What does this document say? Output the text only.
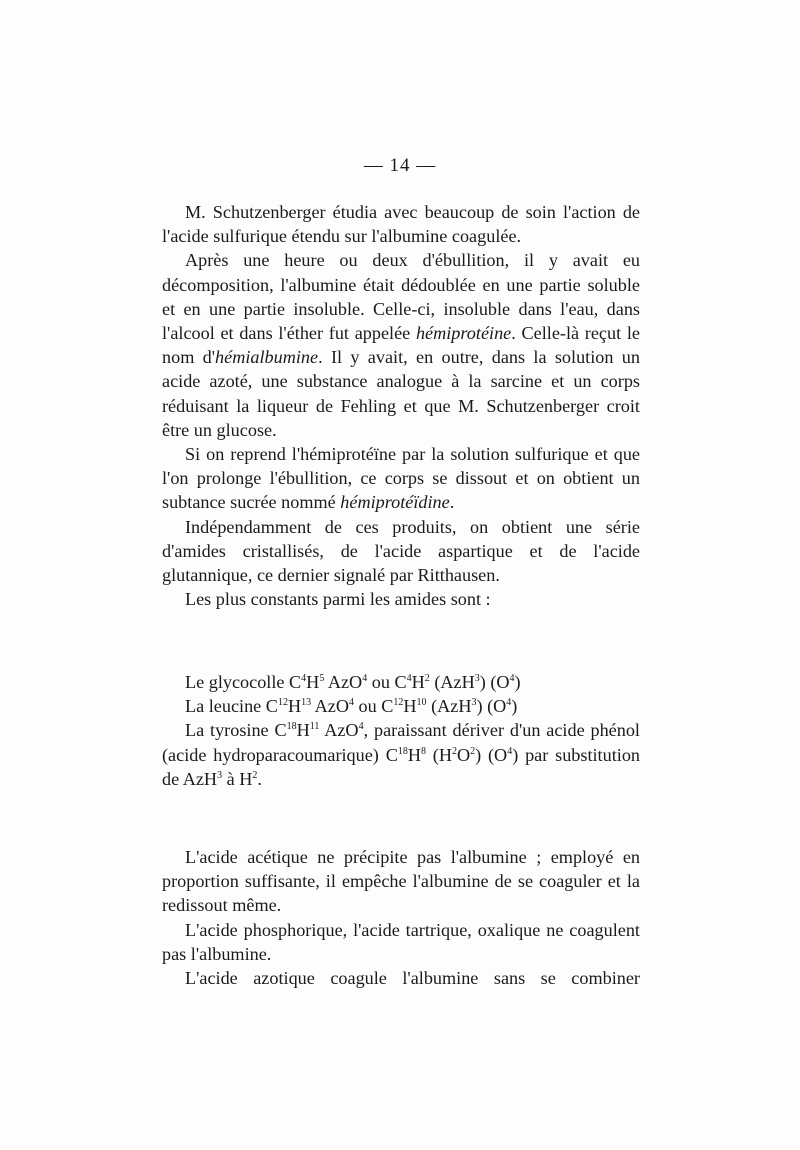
— 14 —

M. Schutzenberger étudia avec beaucoup de soin l'action de l'acide sulfurique étendu sur l'albumine coagulée.

Après une heure ou deux d'ébullition, il y avait eu décomposition, l'albumine était dédoublée en une partie soluble et en une partie insoluble. Celle-ci, insoluble dans l'eau, dans l'alcool et dans l'éther fut appelée hémiprotéine. Celle-là reçut le nom d'hémialbumine. Il y avait, en outre, dans la solution un acide azoté, une substance analogue à la sarcine et un corps réduisant la liqueur de Fehling et que M. Schutzenberger croit être un glucose.

Si on reprend l'hémiprotéïne par la solution sulfurique et que l'on prolonge l'ébullition, ce corps se dissout et on obtient un subtance sucrée nommé hémiprotéïdine.

Indépendamment de ces produits, on obtient une série d'amides cristallisés, de l'acide aspartique et de l'acide glutannique, ce dernier signalé par Ritthausen.

Les plus constants parmi les amides sont :

Le glycocolle $C^4H^5$ AzO$^4$ ou $C^4H^2$ (AzH$^3$) $(O^4)$

La leucine $C^{12}H^{13}$ AzO$^4$ ou $C^{12}H^{10}$ (AzH$^3$) $(O^4)$

La tyrosine $C^{18}H^{11}$ AzO$^4$, paraissant dériver d'un acide phénol (acide hydroparacoumarique) $C^{18}H^8$ $(H^2O^2)$ $(O^4)$ par substitution de AzH$^3$ à $H^2$.

L'acide acétique ne précipite pas l'albumine ; employé en proportion suffisante, il empêche l'albumine de se coaguler et la redissout même.

L'acide phosphorique, l'acide tartrique, oxalique ne coagulent pas l'albumine.

L'acide azotique coagule l'albumine sans se combiner
